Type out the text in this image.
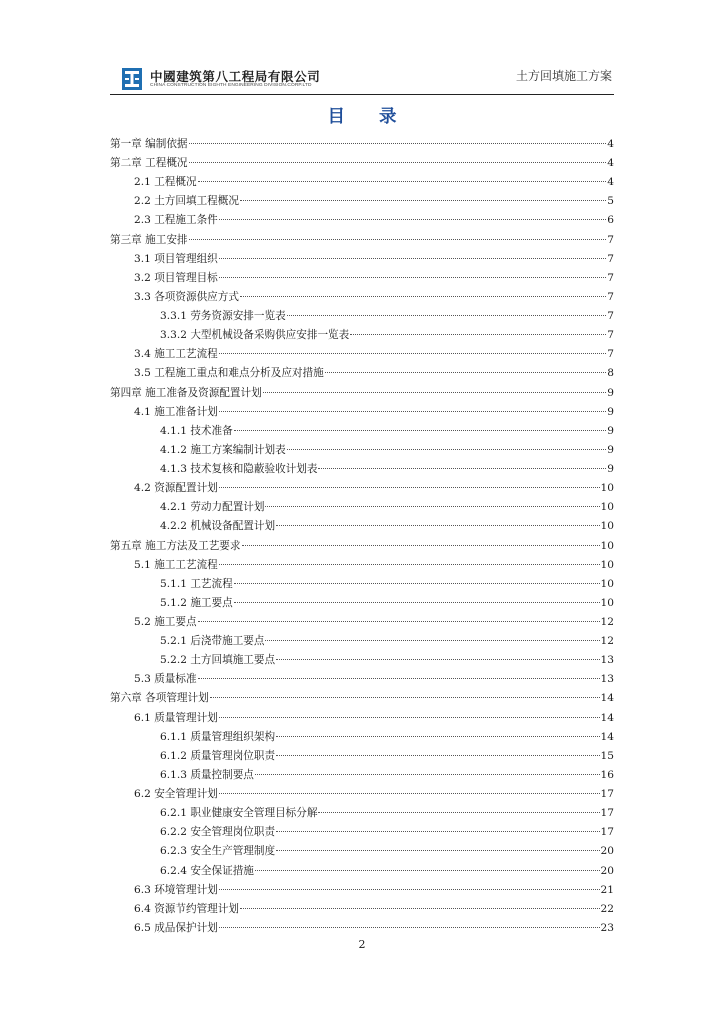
中國建筑第八工程局有限公司
CHINA CONSTRUCTION EIGHTH ENGINEERING DIVISION.CORP.LTD
土方回填施工方案
目 录
第一章 编制依据	4
第二章 工程概况	4
2.1 工程概况	4
2.2 土方回填工程概况	5
2.3 工程施工条件	6
第三章 施工安排	7
3.1 项目管理组织	7
3.2 项目管理目标	7
3.3 各项资源供应方式	7
3.3.1 劳务资源安排一览表	7
3.3.2 大型机械设备采购供应安排一览表	7
3.4 施工工艺流程	7
3.5 工程施工重点和难点分析及应对措施	8
第四章 施工准备及资源配置计划	9
4.1 施工准备计划	9
4.1.1 技术准备	9
4.1.2 施工方案编制计划表	9
4.1.3 技术复核和隐蔽验收计划表	9
4.2 资源配置计划	10
4.2.1 劳动力配置计划	10
4.2.2 机械设备配置计划	10
第五章 施工方法及工艺要求	10
5.1 施工工艺流程	10
5.1.1 工艺流程	10
5.1.2 施工要点	10
5.2 施工要点	12
5.2.1 后浇带施工要点	12
5.2.2 土方回填施工要点	13
5.3 质量标准	13
第六章 各项管理计划	14
6.1 质量管理计划	14
6.1.1 质量管理组织架构	14
6.1.2 质量管理岗位职责	15
6.1.3 质量控制要点	16
6.2 安全管理计划	17
6.2.1 职业健康安全管理目标分解	17
6.2.2 安全管理岗位职责	17
6.2.3 安全生产管理制度	20
6.2.4 安全保证措施	20
6.3 环境管理计划	21
6.4 资源节约管理计划	22
6.5 成品保护计划	23
2
